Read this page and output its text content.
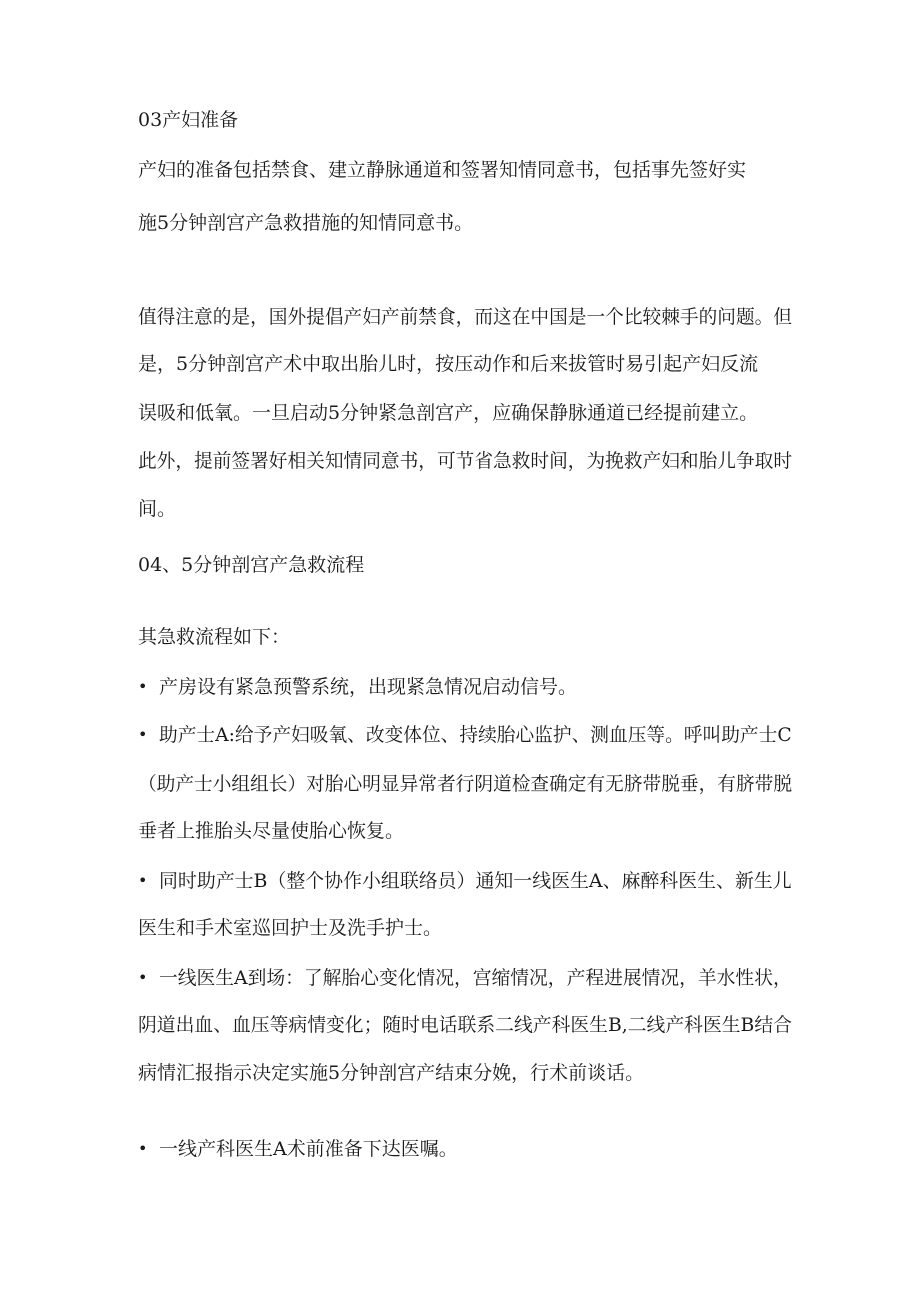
03产妇准备
产妇的准备包括禁食、建立静脉通道和签署知情同意书，包括事先签好实
施5分钟剖宫产急救措施的知情同意书。
值得注意的是，国外提倡产妇产前禁食，而这在中国是一个比较棘手的问题。但
是，5分钟剖宫产术中取出胎儿时，按压动作和后来拔管时易引起产妇反流
误吸和低氧。一旦启动5分钟紧急剖宫产，应确保静脉通道已经提前建立。
此外，提前签署好相关知情同意书，可节省急救时间，为挽救产妇和胎儿争取时
间。
04、5分钟剖宫产急救流程
其急救流程如下：
• 产房设有紧急预警系统，出现紧急情况启动信号。
• 助产士A:给予产妇吸氧、改变体位、持续胎心监护、测血压等。呼叫助产士C
（助产士小组组长）对胎心明显异常者行阴道检查确定有无脐带脱垂，有脐带脱
垂者上推胎头尽量使胎心恢复。
• 同时助产士B（整个协作小组联络员）通知一线医生A、麻醉科医生、新生儿
医生和手术室巡回护士及洗手护士。
• 一线医生A到场：了解胎心变化情况，宫缩情况，产程进展情况，羊水性状，
阴道出血、血压等病情变化；随时电话联系二线产科医生B,二线产科医生B结合
病情汇报指示决定实施5分钟剖宫产结束分娩，行术前谈话。
• 一线产科医生A术前准备下达医嘱。
